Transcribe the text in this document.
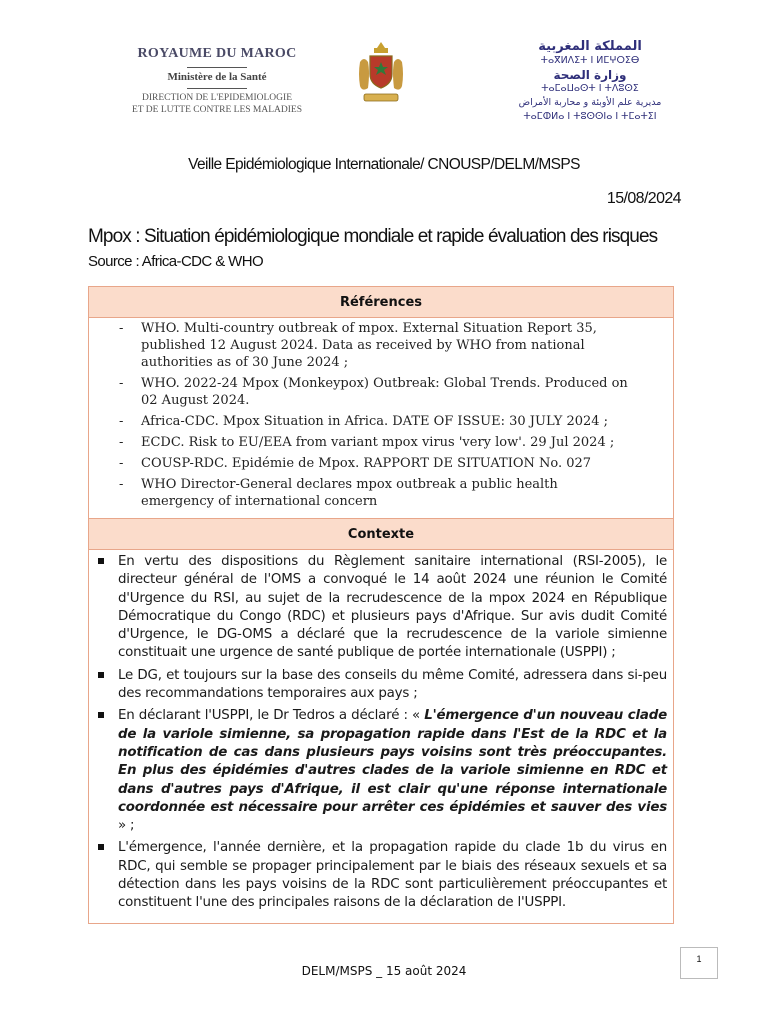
ROYAUME DU MAROC
Ministère de la Santé
DIRECTION DE L'EPIDEMIOLOGIE
ET DE LUTTE CONTRE LES MALADIES
المملكة المغربية
ⵜⴰⴳⵍⴷⵉⵜ ⵏ ⵍⵎⵖⵔⵉⴱ
وزارة الصحة
ⵜⴰⵎⴰⵡⴰⵙⵜ ⵏ ⵜⴷⵓⵙⵉ
مديرية علم الأوبئة و محاربة الأمراض
ⵜⴰⵎⵀⵍⴰ ⵏ ⵜⵓⵙⵙⵏⴰ ⵏ ⵜⵎⴰⵜⵉⵏ
Veille Epidémiologique Internationale/ CNOUSP/DELM/MSPS
15/08/2024
Mpox : Situation épidémiologique mondiale et rapide évaluation des risques
Source : Africa-CDC & WHO
Références
- WHO. Multi-country outbreak of mpox. External Situation Report 35, published 12 August 2024. Data as received by WHO from national authorities as of 30 June 2024 ;
- WHO. 2022-24 Mpox (Monkeypox) Outbreak: Global Trends. Produced on 02 August 2024.
- Africa-CDC. Mpox Situation in Africa. DATE OF ISSUE: 30 JULY 2024 ;
- ECDC. Risk to EU/EEA from variant mpox virus 'very low'. 29 Jul 2024 ;
- COUSP-RDC. Epidémie de Mpox. RAPPORT DE SITUATION No. 027
- WHO Director-General declares mpox outbreak a public health emergency of international concern
Contexte
En vertu des dispositions du Règlement sanitaire international (RSI-2005), le directeur général de l'OMS a convoqué le 14 août 2024 une réunion le Comité d'Urgence du RSI, au sujet de la recrudescence de la mpox 2024 en République Démocratique du Congo (RDC) et plusieurs pays d'Afrique. Sur avis dudit Comité d'Urgence, le DG-OMS a déclaré que la recrudescence de la variole simienne constituait une urgence de santé publique de portée internationale (USPPI) ;
Le DG, et toujours sur la base des conseils du même Comité, adressera dans si-peu des recommandations temporaires aux pays ;
En déclarant l'USPPI, le Dr Tedros a déclaré : « L'émergence d'un nouveau clade de la variole simienne, sa propagation rapide dans l'Est de la RDC et la notification de cas dans plusieurs pays voisins sont très préoccupantes. En plus des épidémies d'autres clades de la variole simienne en RDC et dans d'autres pays d'Afrique, il est clair qu'une réponse internationale coordonnée est nécessaire pour arrêter ces épidémies et sauver des vies » ;
L'émergence, l'année dernière, et la propagation rapide du clade 1b du virus en RDC, qui semble se propager principalement par le biais des réseaux sexuels et sa détection dans les pays voisins de la RDC sont particulièrement préoccupantes et constituent l'une des principales raisons de la déclaration de l'USPPI.
1
DELM/MSPS _ 15 août 2024
